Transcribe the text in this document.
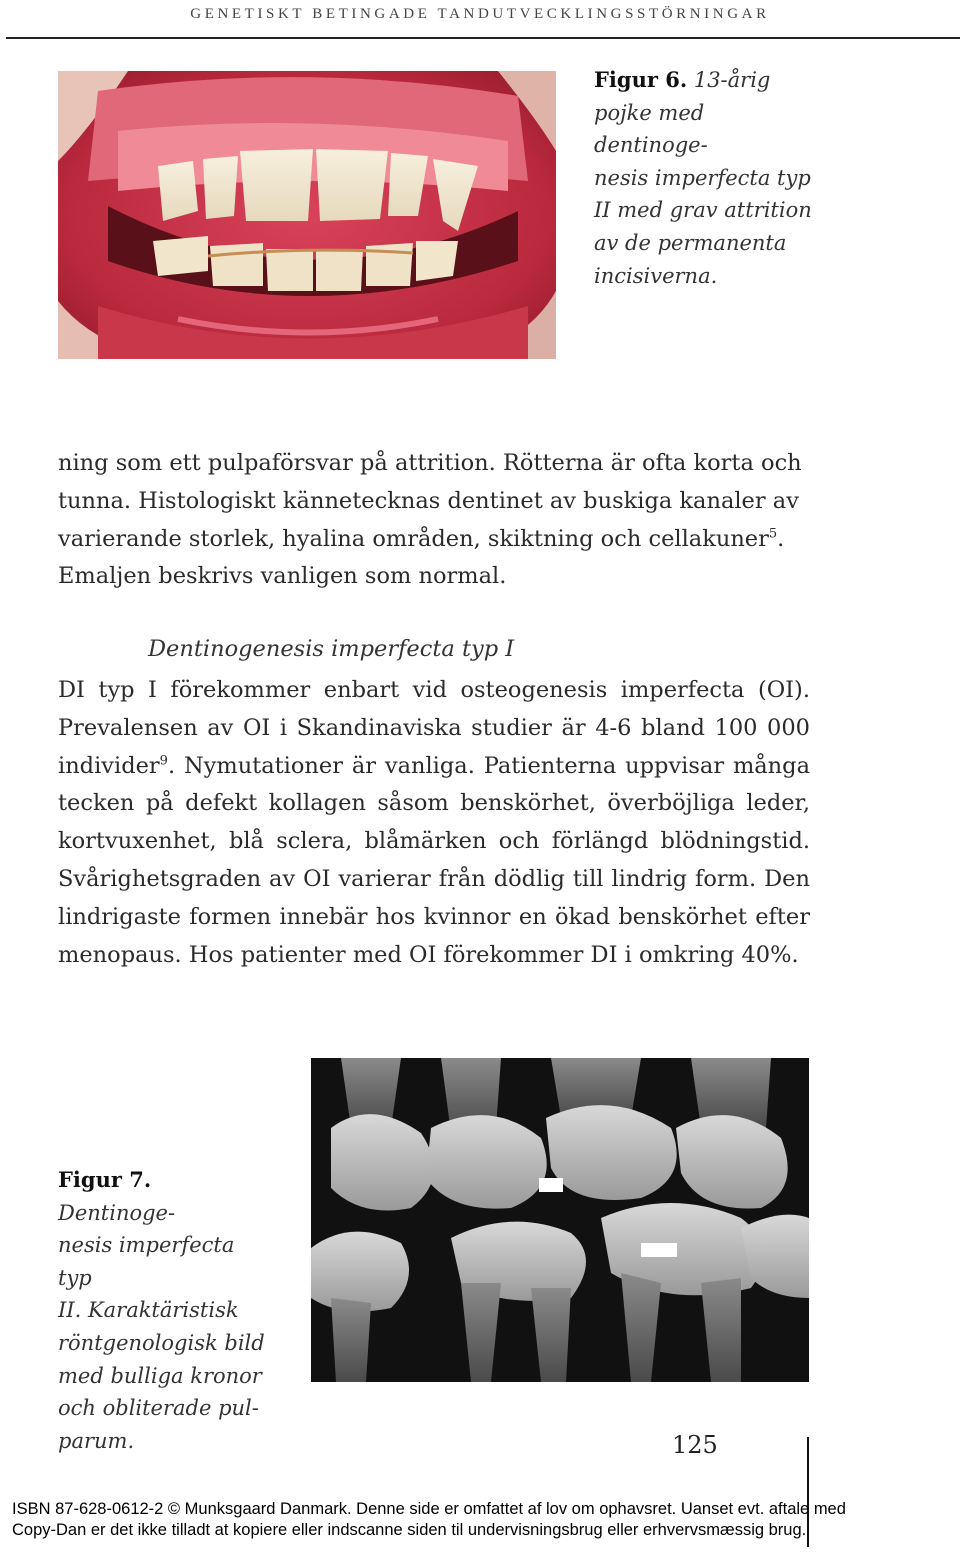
GENETISKT BETINGADE TANDUTVECKLINGSSTÖRNINGAR
Figur 6. 13-årig
pojke med dentinoge-
nesis imperfecta typ
II med grav attrition
av de permanenta
incisiverna.
ning som ett pulpaförsvar på attrition. Rötterna är ofta korta och tunna. Histologiskt kännetecknas dentinet av buskiga kanaler av varierande storlek, hyalina områden, skiktning och cellakuner$^5$. Emaljen beskrivs vanligen som normal.
Dentinogenesis imperfecta typ I
DI typ I förekommer enbart vid osteogenesis imperfecta (OI). Prevalensen av OI i Skandinaviska studier är 4-6 bland 100 000 individer$^9$. Nymutationer är vanliga. Patienterna uppvisar många tecken på defekt kollagen såsom benskörhet, överböjliga leder, kortvuxenhet, blå sclera, blåmärken och förlängd blödningstid. Svårighetsgraden av OI varierar från dödlig till lindrig form. Den lindrigaste formen innebär hos kvinnor en ökad benskörhet efter menopaus. Hos patienter med OI förekommer DI i omkring 40%.
Figur 7. Dentinoge-
nesis imperfecta typ
II. Karaktäristisk
röntgenologisk bild
med bulliga kronor
och obliterade pul-
parum.	125
ISBN 87-628-0612-2 © Munksgaard Danmark. Denne side er omfattet af lov om ophavsret. Uanset evt. aftale med
Copy-Dan er det ikke tilladt at kopiere eller indscanne siden til undervisningsbrug eller erhvervsmæssig brug.
